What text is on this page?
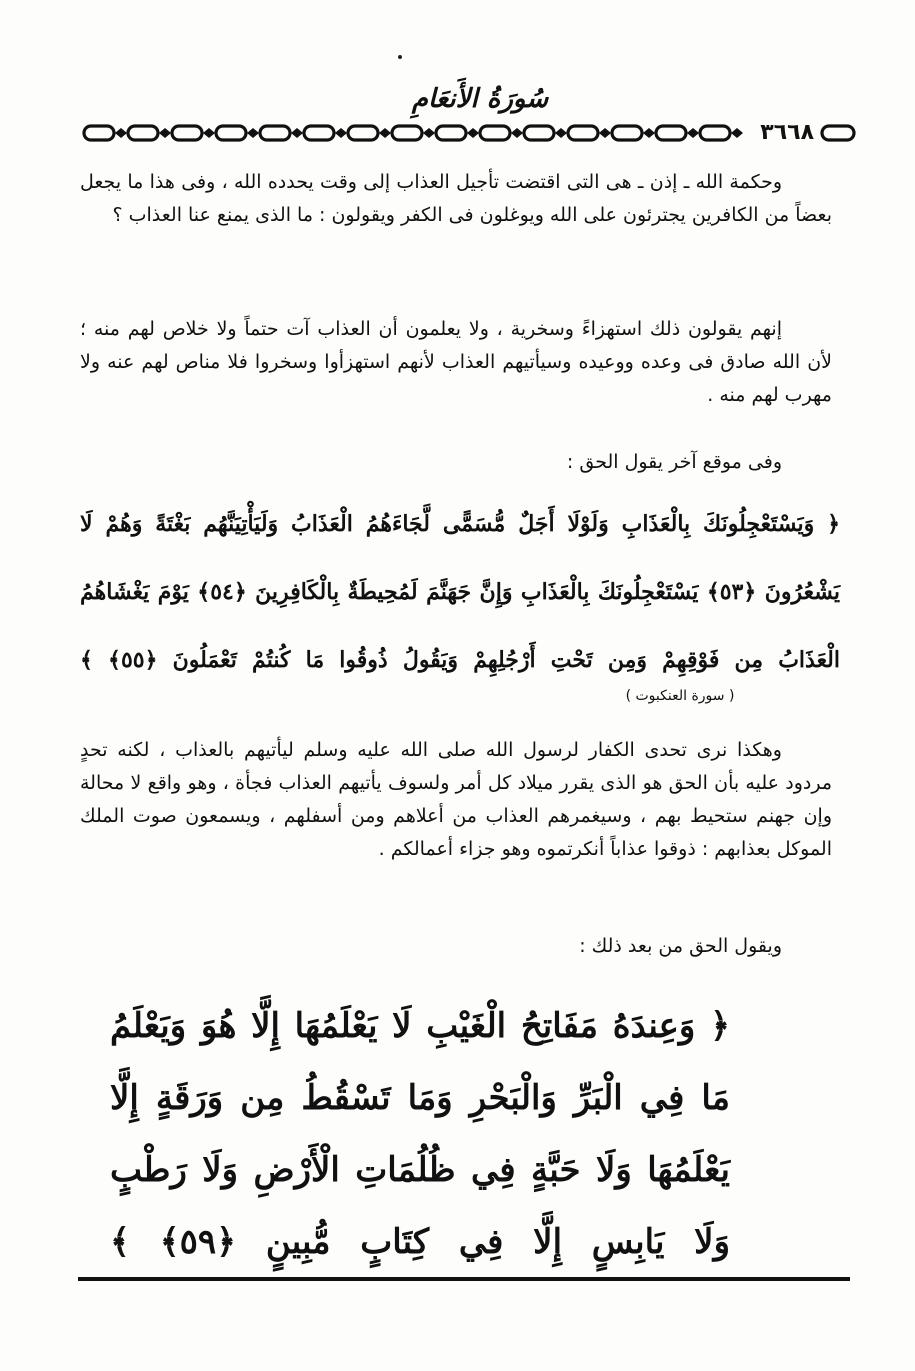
سُورَةُ الأَنعَامِ
٣٦٦٨
وحكمة الله ـ إذن ـ هى التى اقتضت تأجيل العذاب إلى وقت يحدده الله ، وفى هذا ما يجعل بعضاً من الكافرين يجترئون على الله ويوغلون فى الكفر ويقولون : ما الذى يمنع عنا العذاب ؟
إنهم يقولون ذلك استهزاءً وسخرية ، ولا يعلمون أن العذاب آت حتماً ولا خلاص لهم منه ؛ لأن الله صادق فى وعده ووعيده وسيأتيهم العذاب لأنهم استهزأوا وسخروا فلا مناص لهم عنه ولا مهرب لهم منه .
وفى موقع آخر يقول الحق :
﴿ وَيَسْتَعْجِلُونَكَ بِالْعَذَابِ وَلَوْلَا أَجَلٌ مُّسَمًّى لَّجَاءَهُمُ الْعَذَابُ وَلَيَأْتِيَنَّهُم بَغْتَةً وَهُمْ لَا يَشْعُرُونَ ﴿٥٣﴾ يَسْتَعْجِلُونَكَ بِالْعَذَابِ وَإِنَّ جَهَنَّمَ لَمُحِيطَةٌ بِالْكَافِرِينَ ﴿٥٤﴾ يَوْمَ يَغْشَاهُمُ الْعَذَابُ مِن فَوْقِهِمْ وَمِن تَحْتِ أَرْجُلِهِمْ وَيَقُولُ ذُوقُوا مَا كُنتُمْ تَعْمَلُونَ ﴿٥٥﴾ ﴾
( سورة العنكبوت )
وهكذا نرى تحدى الكفار لرسول الله صلى الله عليه وسلم ليأتيهم بالعذاب ، لكنه تحدٍ مردود عليه بأن الحق هو الذى يقرر ميلاد كل أمر ولسوف يأتيهم العذاب فجأة ، وهو واقع لا محالة وإن جهنم ستحيط بهم ، وسيغمرهم العذاب من أعلاهم ومن أسفلهم ، ويسمعون صوت الملك الموكل بعذابهم : ذوقوا عذاباً أنكرتموه وهو جزاء أعمالكم .
ويقول الحق من بعد ذلك :
﴿ وَعِندَهُ مَفَاتِحُ الْغَيْبِ لَا يَعْلَمُهَا إِلَّا هُوَ وَيَعْلَمُ مَا فِي الْبَرِّ وَالْبَحْرِ وَمَا تَسْقُطُ مِن وَرَقَةٍ إِلَّا يَعْلَمُهَا وَلَا حَبَّةٍ فِي ظُلُمَاتِ الْأَرْضِ وَلَا رَطْبٍ وَلَا يَابِسٍ إِلَّا فِي كِتَابٍ مُّبِينٍ ﴿٥٩﴾ ﴾
